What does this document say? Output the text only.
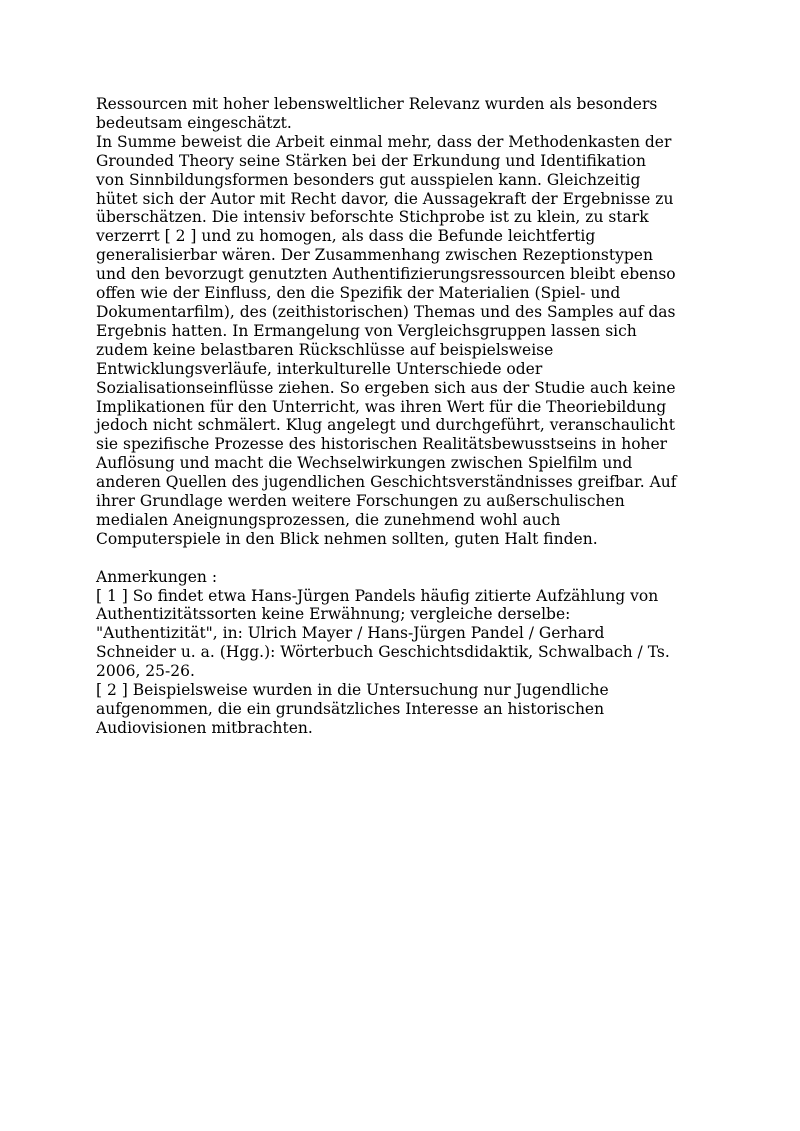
Ressourcen mit hoher lebensweltlicher Relevanz wurden als besonders

bedeutsam eingeschätzt.

In Summe beweist die Arbeit einmal mehr, dass der Methodenkasten der

Grounded Theory seine Stärken bei der Erkundung und Identifikation

von Sinnbildungsformen besonders gut ausspielen kann. Gleichzeitig

hütet sich der Autor mit Recht davor, die Aussagekraft der Ergebnisse zu

überschätzen. Die intensiv beforschte Stichprobe ist zu klein, zu stark

verzerrt [ 2 ] und zu homogen, als dass die Befunde leichtfertig

generalisierbar wären. Der Zusammenhang zwischen Rezeptionstypen

und den bevorzugt genutzten Authentifizierungsressourcen bleibt ebenso

offen wie der Einfluss, den die Spezifik der Materialien (Spiel- und

Dokumentarfilm), des (zeithistorischen) Themas und des Samples auf das

Ergebnis hatten. In Ermangelung von Vergleichsgruppen lassen sich

zudem keine belastbaren Rückschlüsse auf beispielsweise

Entwicklungsverläufe, interkulturelle Unterschiede oder

Sozialisationseinflüsse ziehen. So ergeben sich aus der Studie auch keine

Implikationen für den Unterricht, was ihren Wert für die Theoriebildung

jedoch nicht schmälert. Klug angelegt und durchgeführt, veranschaulicht

sie spezifische Prozesse des historischen Realitätsbewusstseins in hoher

Auflösung und macht die Wechselwirkungen zwischen Spielfilm und

anderen Quellen des jugendlichen Geschichtsverständnisses greifbar. Auf

ihrer Grundlage werden weitere Forschungen zu außerschulischen

medialen Aneignungsprozessen, die zunehmend wohl auch

Computerspiele in den Blick nehmen sollten, guten Halt finden.

Anmerkungen :

[ 1 ] So findet etwa Hans-Jürgen Pandels häufig zitierte Aufzählung von

Authentizitätssorten keine Erwähnung; vergleiche derselbe:

"Authentizität", in: Ulrich Mayer / Hans-Jürgen Pandel / Gerhard

Schneider u. a. (Hgg.): Wörterbuch Geschichtsdidaktik, Schwalbach / Ts.

2006, 25-26.

[ 2 ] Beispielsweise wurden in die Untersuchung nur Jugendliche

aufgenommen, die ein grundsätzliches Interesse an historischen

Audiovisionen mitbrachten.
